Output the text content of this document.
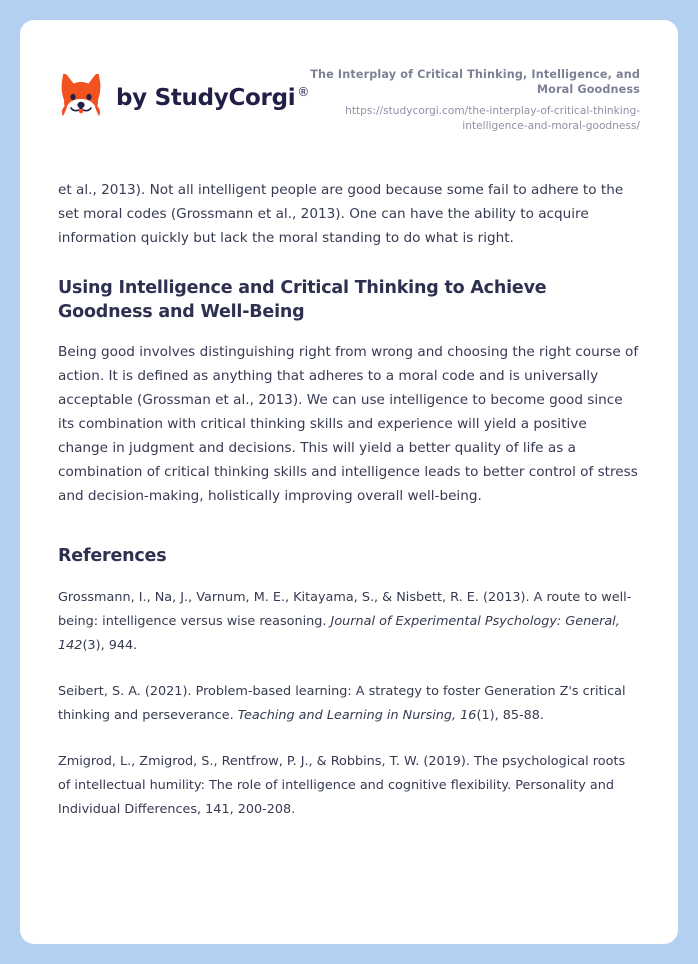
by StudyCorgi ®
The Interplay of Critical Thinking, Intelligence, and Moral Goodness
https://studycorgi.com/the-interplay-of-critical-thinking-intelligence-and-moral-goodness/

et al., 2013). Not all intelligent people are good because some fail to adhere to the set moral codes (Grossmann et al., 2013). One can have the ability to acquire information quickly but lack the moral standing to do what is right.

Using Intelligence and Critical Thinking to Achieve Goodness and Well-Being

Being good involves distinguishing right from wrong and choosing the right course of action. It is defined as anything that adheres to a moral code and is universally acceptable (Grossman et al., 2013). We can use intelligence to become good since its combination with critical thinking skills and experience will yield a positive change in judgment and decisions. This will yield a better quality of life as a combination of critical thinking skills and intelligence leads to better control of stress and decision-making, holistically improving overall well-being.

References

Grossmann, I., Na, J., Varnum, M. E., Kitayama, S., & Nisbett, R. E. (2013). A route to well-being: intelligence versus wise reasoning. Journal of Experimental Psychology: General, 142(3), 944.

Seibert, S. A. (2021). Problem-based learning: A strategy to foster Generation Z's critical thinking and perseverance. Teaching and Learning in Nursing, 16(1), 85-88.

Zmigrod, L., Zmigrod, S., Rentfrow, P. J., & Robbins, T. W. (2019). The psychological roots of intellectual humility: The role of intelligence and cognitive flexibility. Personality and Individual Differences, 141, 200-208.
